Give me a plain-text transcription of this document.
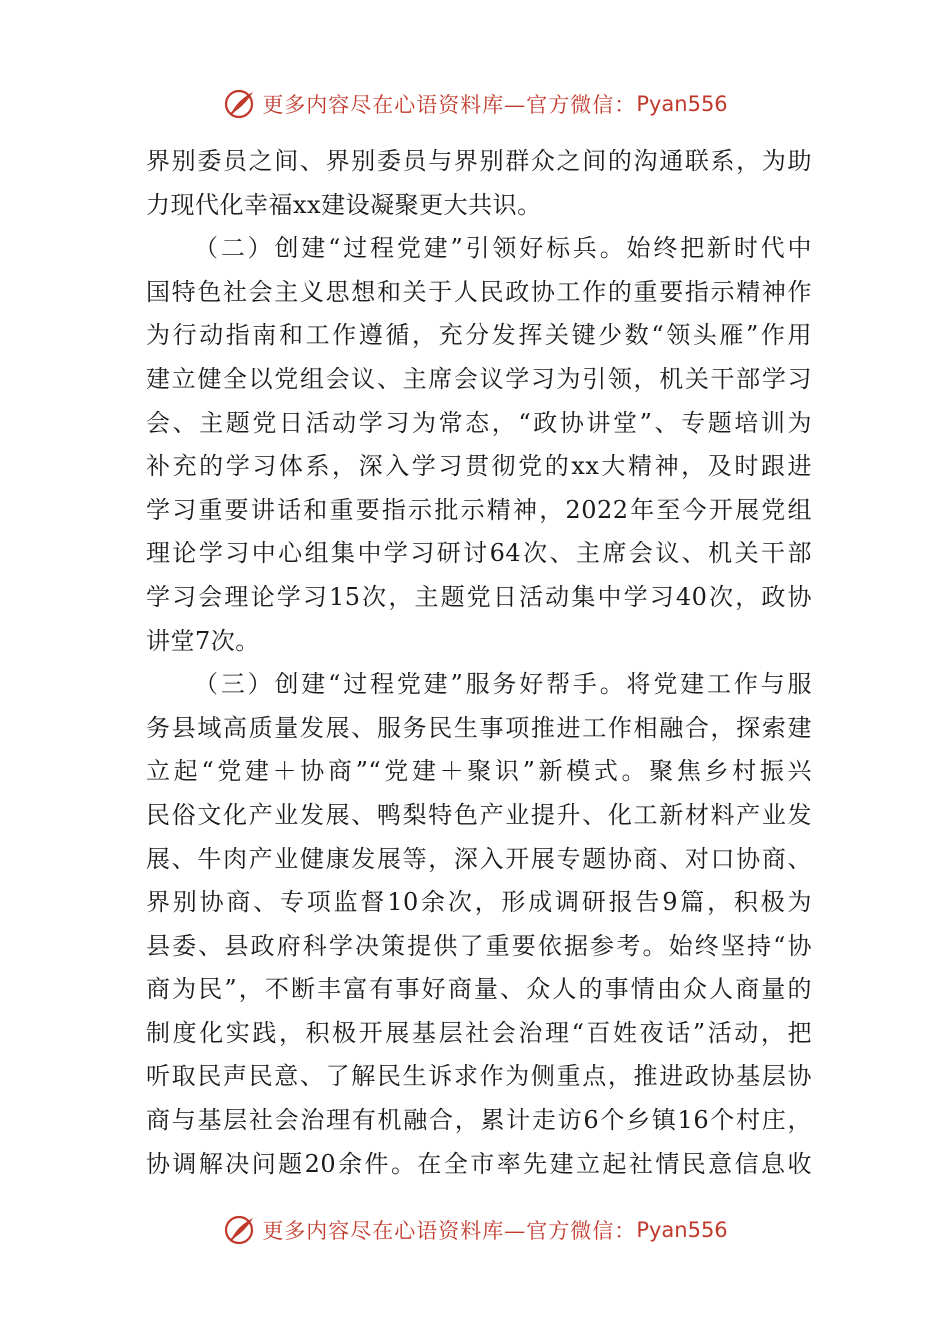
更多内容尽在心语资料库—官方微信： Pyan556
界别委员之间、界别委员与界别群众之间的沟通联系，为助
力现代化幸福xx建设凝聚更大共识。
（二）创建“过程党建”引领好标兵。始终把新时代中
国特色社会主义思想和关于人民政协工作的重要指示精神作
为行动指南和工作遵循，充分发挥关键少数“领头雁”作用
建立健全以党组会议、主席会议学习为引领，机关干部学习
会、主题党日活动学习为常态，“政协讲堂”、专题培训为
补充的学习体系，深入学习贯彻党的xx大精神，及时跟进
学习重要讲话和重要指示批示精神，2022年至今开展党组
理论学习中心组集中学习研讨64次、主席会议、机关干部
学习会理论学习15次，主题党日活动集中学习40次，政协
讲堂7次。
（三）创建“过程党建”服务好帮手。将党建工作与服
务县域高质量发展、服务民生事项推进工作相融合，探索建
立起“党建＋协商”“党建＋聚识”新模式。聚焦乡村振兴
民俗文化产业发展、鸭梨特色产业提升、化工新材料产业发
展、牛肉产业健康发展等，深入开展专题协商、对口协商、
界别协商、专项监督10余次，形成调研报告9篇，积极为
县委、县政府科学决策提供了重要依据参考。始终坚持“协
商为民”，不断丰富有事好商量、众人的事情由众人商量的
制度化实践，积极开展基层社会治理“百姓夜话”活动，把
听取民声民意、了解民生诉求作为侧重点，推进政协基层协
商与基层社会治理有机融合，累计走访6个乡镇16个村庄，
协调解决问题20余件。在全市率先建立起社情民意信息收
更多内容尽在心语资料库—官方微信： Pyan556
